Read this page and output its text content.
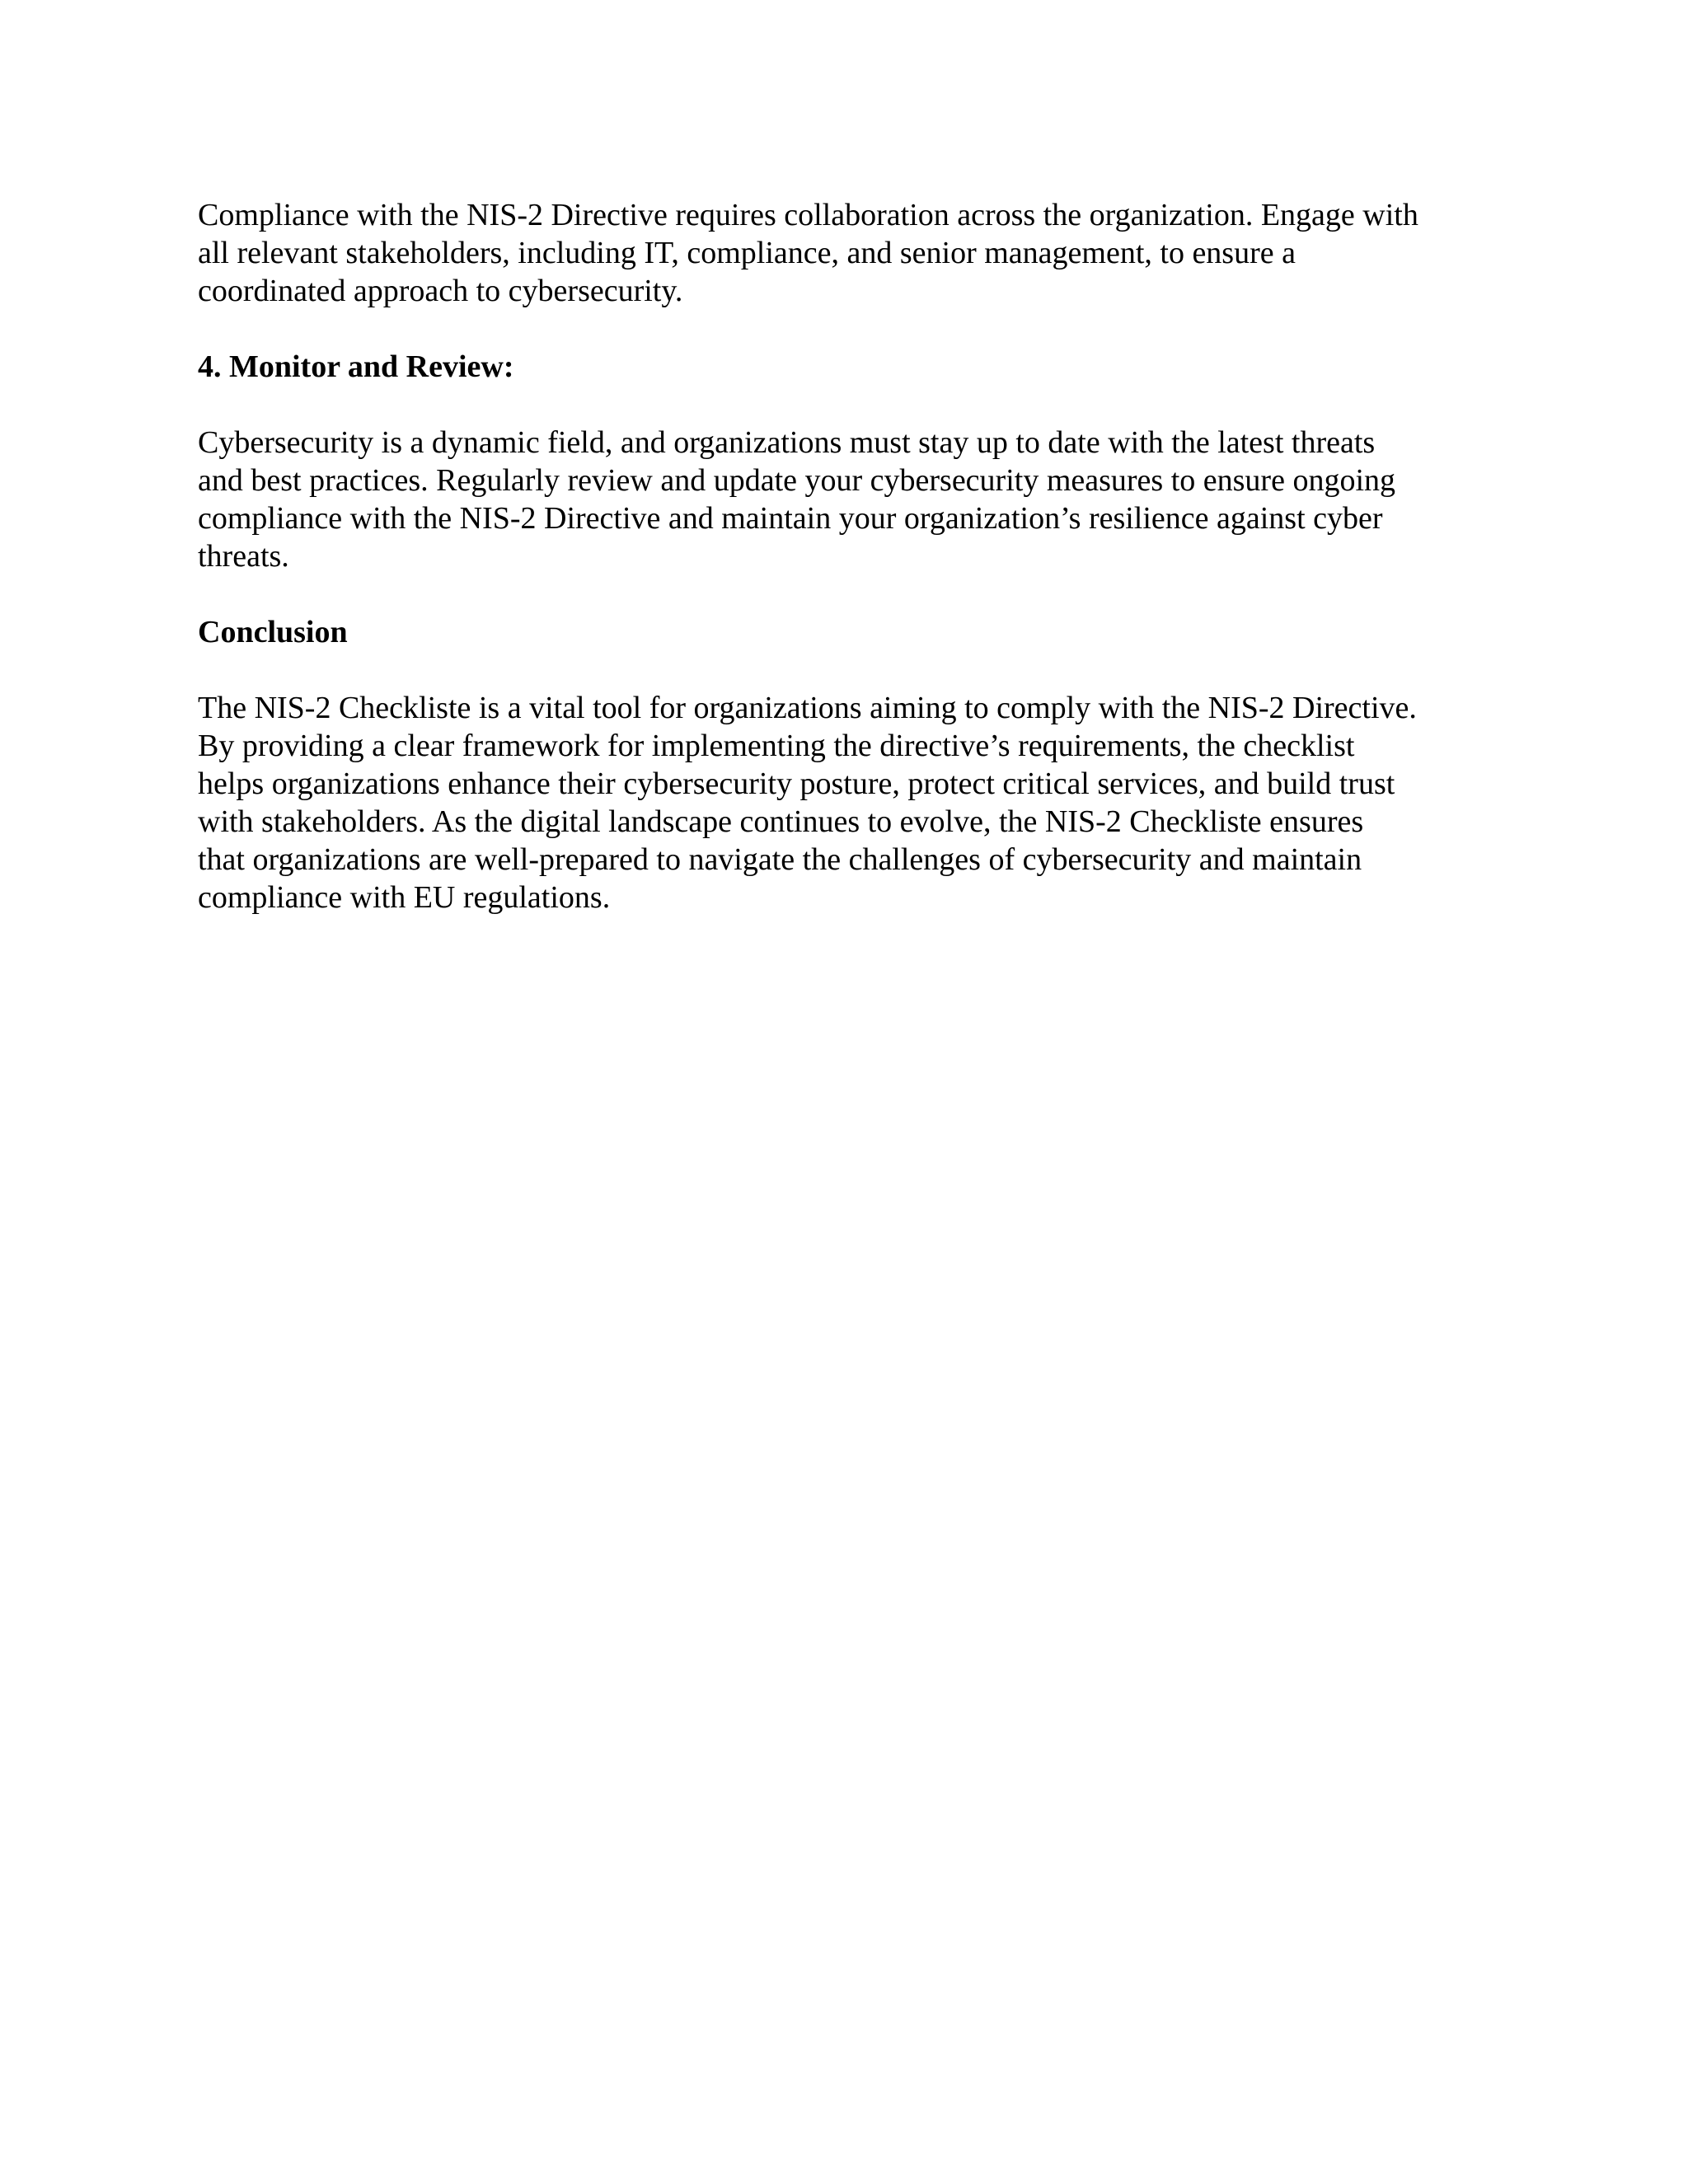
Compliance with the NIS-2 Directive requires collaboration across the organization. Engage with
all relevant stakeholders, including IT, compliance, and senior management, to ensure a
coordinated approach to cybersecurity.

4. Monitor and Review:

Cybersecurity is a dynamic field, and organizations must stay up to date with the latest threats
and best practices. Regularly review and update your cybersecurity measures to ensure ongoing
compliance with the NIS-2 Directive and maintain your organization’s resilience against cyber
threats.

Conclusion

The NIS-2 Checkliste is a vital tool for organizations aiming to comply with the NIS-2 Directive.
By providing a clear framework for implementing the directive’s requirements, the checklist
helps organizations enhance their cybersecurity posture, protect critical services, and build trust
with stakeholders. As the digital landscape continues to evolve, the NIS-2 Checkliste ensures
that organizations are well-prepared to navigate the challenges of cybersecurity and maintain
compliance with EU regulations.
